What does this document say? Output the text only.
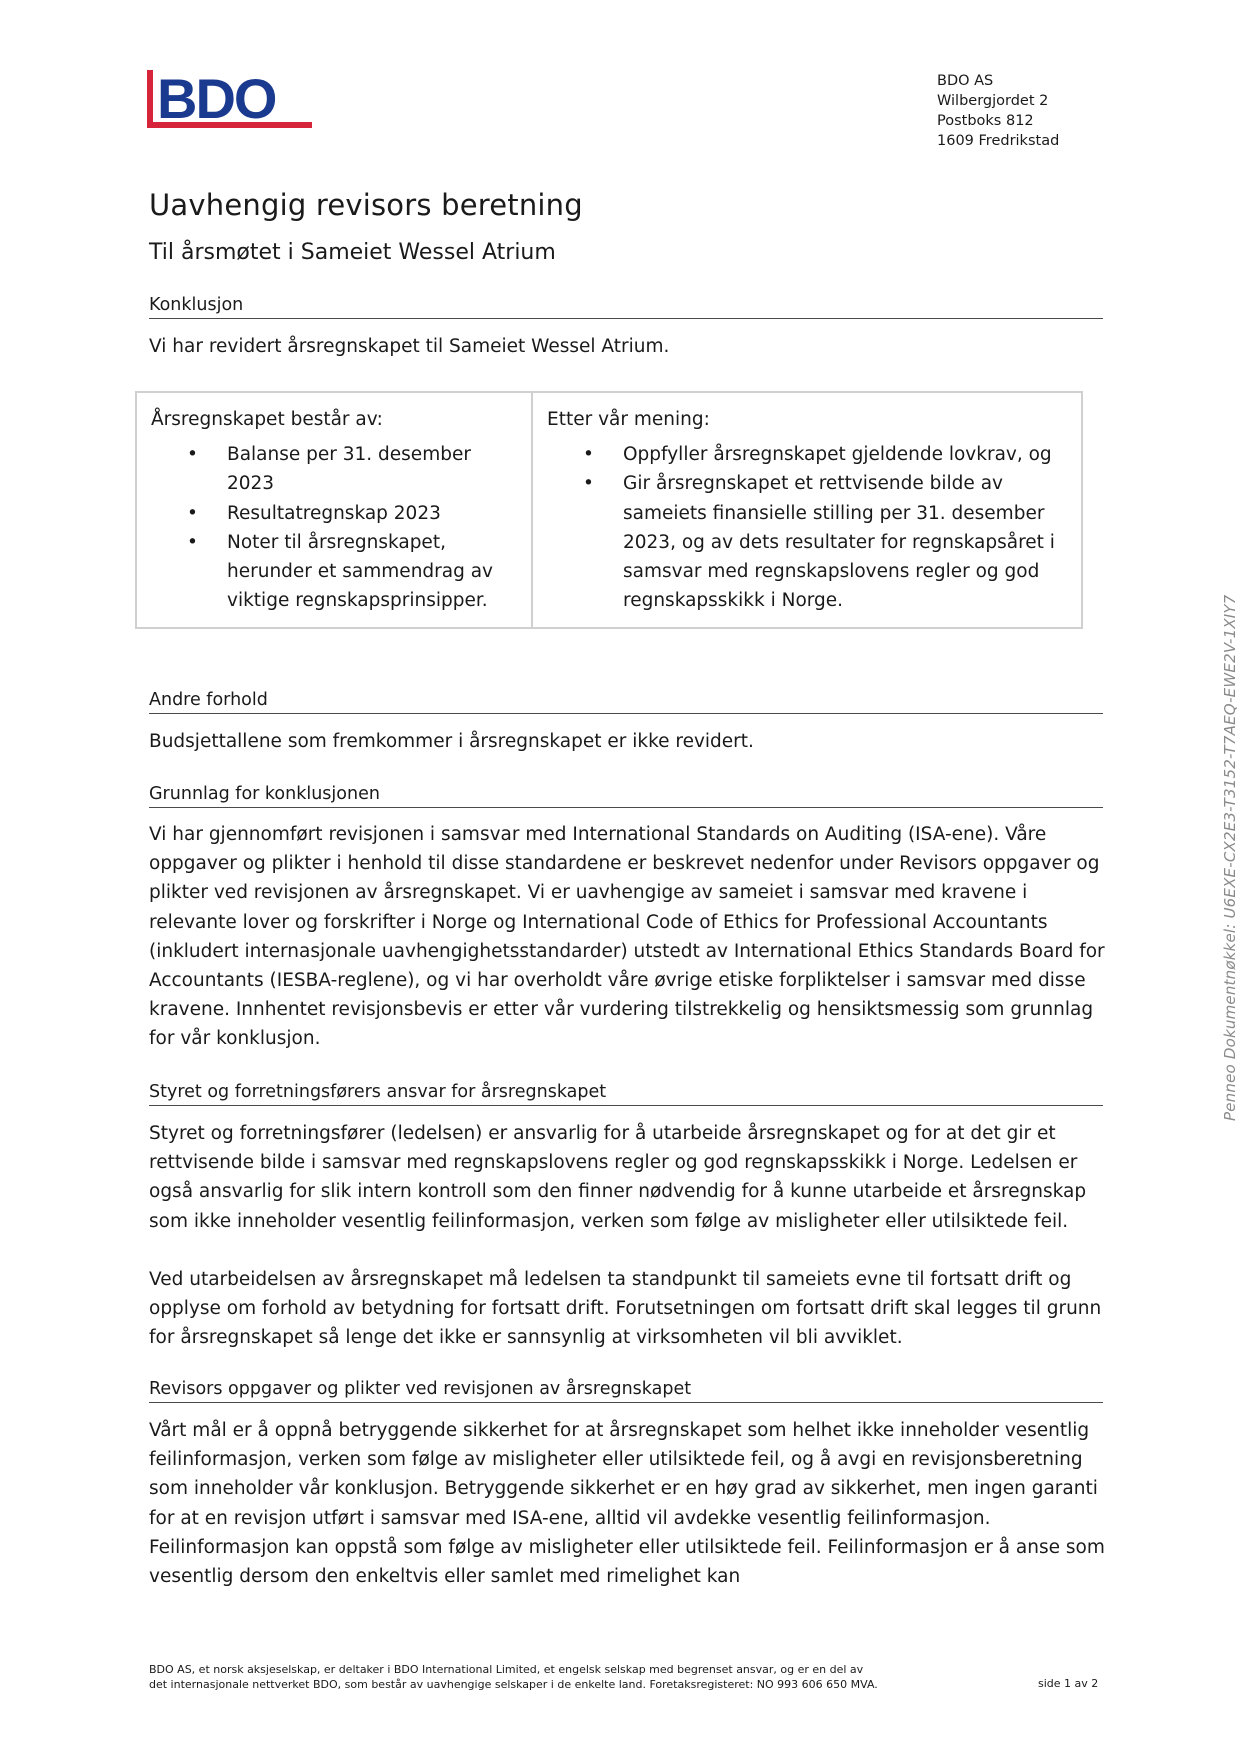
BDO	BDO AS
Wilbergjordet 2
Postboks 812
1609 Fredrikstad
Uavhengig revisors beretning
Til årsmøtet i Sameiet Wessel Atrium
Konklusjon
Vi har revidert årsregnskapet til Sameiet Wessel Atrium.
Årsregnskapet består av:
• Balanse per 31. desember 2023
• Resultatregnskap 2023
• Noter til årsregnskapet, herunder et sammendrag av viktige regnskapsprinsipper.
Etter vår mening:
• Oppfyller årsregnskapet gjeldende lovkrav, og
• Gir årsregnskapet et rettvisende bilde av sameiets finansielle stilling per 31. desember 2023, og av dets resultater for regnskapsåret i samsvar med regnskapslovens regler og god regnskapsskikk i Norge.
Andre forhold
Budsjettallene som fremkommer i årsregnskapet er ikke revidert.
Grunnlag for konklusjonen
Vi har gjennomført revisjonen i samsvar med International Standards on Auditing (ISA-ene). Våre oppgaver og plikter i henhold til disse standardene er beskrevet nedenfor under Revisors oppgaver og plikter ved revisjonen av årsregnskapet. Vi er uavhengige av sameiet i samsvar med kravene i relevante lover og forskrifter i Norge og International Code of Ethics for Professional Accountants (inkludert internasjonale uavhengighetsstandarder) utstedt av International Ethics Standards Board for Accountants (IESBA-reglene), og vi har overholdt våre øvrige etiske forpliktelser i samsvar med disse kravene. Innhentet revisjonsbevis er etter vår vurdering tilstrekkelig og hensiktsmessig som grunnlag for vår konklusjon.
Styret og forretningsførers ansvar for årsregnskapet
Styret og forretningsfører (ledelsen) er ansvarlig for å utarbeide årsregnskapet og for at det gir et rettvisende bilde i samsvar med regnskapslovens regler og god regnskapsskikk i Norge. Ledelsen er også ansvarlig for slik intern kontroll som den finner nødvendig for å kunne utarbeide et årsregnskap som ikke inneholder vesentlig feilinformasjon, verken som følge av misligheter eller utilsiktede feil.
Ved utarbeidelsen av årsregnskapet må ledelsen ta standpunkt til sameiets evne til fortsatt drift og opplyse om forhold av betydning for fortsatt drift. Forutsetningen om fortsatt drift skal legges til grunn for årsregnskapet så lenge det ikke er sannsynlig at virksomheten vil bli avviklet.
Revisors oppgaver og plikter ved revisjonen av årsregnskapet
Vårt mål er å oppnå betryggende sikkerhet for at årsregnskapet som helhet ikke inneholder vesentlig feilinformasjon, verken som følge av misligheter eller utilsiktede feil, og å avgi en revisjonsberetning som inneholder vår konklusjon. Betryggende sikkerhet er en høy grad av sikkerhet, men ingen garanti for at en revisjon utført i samsvar med ISA-ene, alltid vil avdekke vesentlig feilinformasjon. Feilinformasjon kan oppstå som følge av misligheter eller utilsiktede feil. Feilinformasjon er å anse som vesentlig dersom den enkeltvis eller samlet med rimelighet kan
Penneo Dokumentnøkkel: U6EXE-CX2E3-T3152-T7AEQ-EWE2V-1XIY7
BDO AS, et norsk aksjeselskap, er deltaker i BDO International Limited, et engelsk selskap med begrenset ansvar, og er en del av
det internasjonale nettverket BDO, som består av uavhengige selskaper i de enkelte land. Foretaksregisteret: NO 993 606 650 MVA.	side 1 av 2
